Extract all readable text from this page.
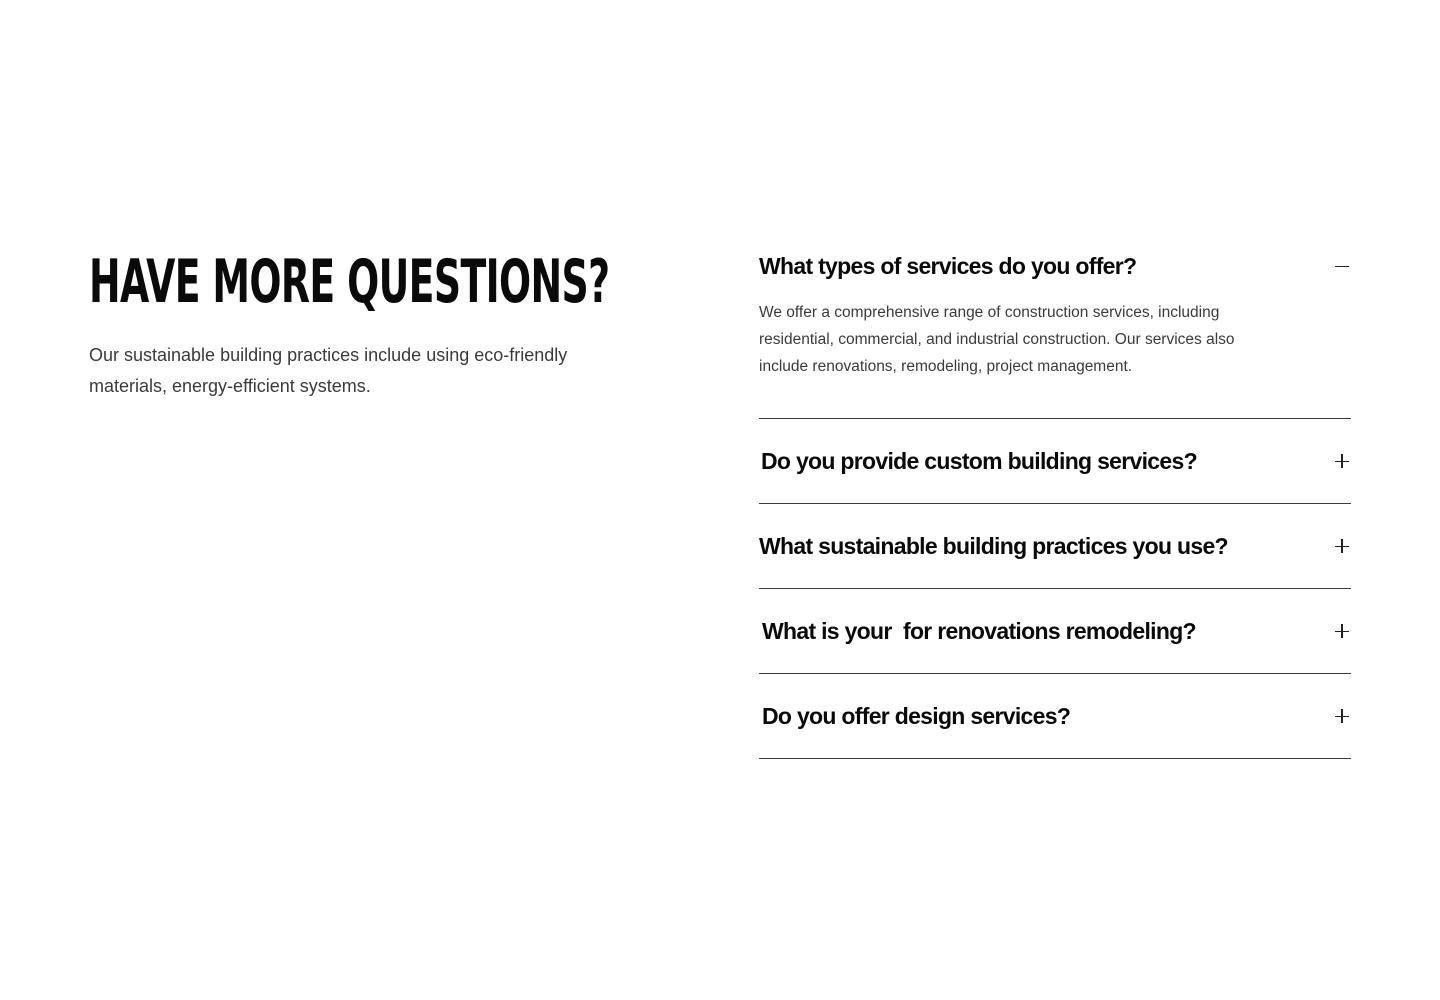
HAVE MORE QUESTIONS?

Our sustainable building practices include using eco-friendly materials, energy-efficient systems.

What types of services do you offer?

We offer a comprehensive range of construction services, including residential, commercial, and industrial construction. Our services also include renovations, remodeling, project management.

Do you provide custom building services?
What sustainable building practices you use?
What is your  for renovations remodeling?
Do you offer design services?
